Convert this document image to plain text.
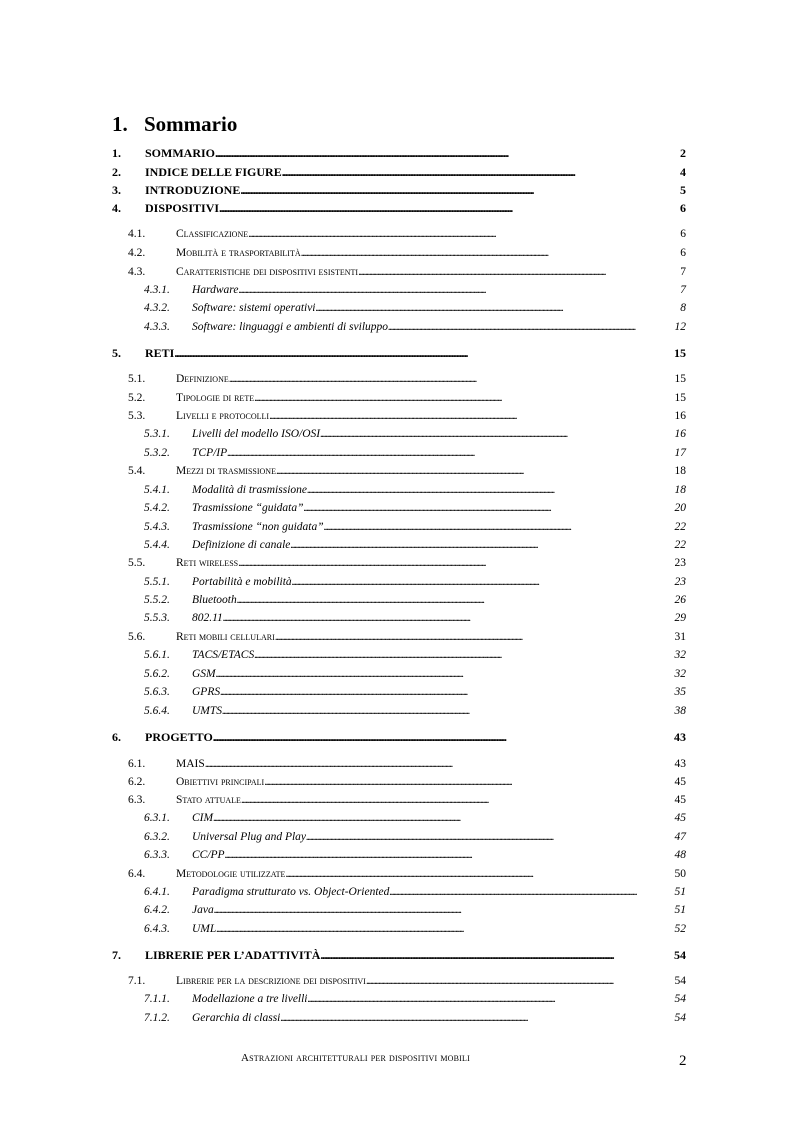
1. Sommario
1. SOMMARIO . . .	2
2. INDICE DELLE FIGURE . . .	4
3. INTRODUZIONE . . .	5
4. DISPOSITIVI . . .	6
4.1.	Classificazione . . .	6
4.2.	Mobilità e trasportabilità . . .	6
4.3.	Caratteristiche dei dispositivi esistenti . . .	7
4.3.1. Hardware . . .	7
4.3.2. Software: sistemi operativi . . .	8
4.3.3. Software: linguaggi e ambienti di sviluppo . . .	12
5. RETI . . .	15
5.1.	Definizione . . .	15
5.2.	Tipologie di rete . . .	15
5.3.	Livelli e protocolli . . .	16
5.3.1. Livelli del modello ISO/OSI . . .	16
5.3.2. TCP/IP . . .	17
5.4.	Mezzi di trasmissione . . .	18
5.4.1. Modalità di trasmissione . . .	18
5.4.2. Trasmissione “guidata” . . .	20
5.4.3. Trasmissione “non guidata” . . .	22
5.4.4. Definizione di canale . . .	22
5.5.	Reti wireless . . .	23
5.5.1. Portabilità e mobilità . . .	23
5.5.2. Bluetooth . . .	26
5.5.3. 802.11 . . .	29
5.6.	Reti mobili cellulari . . .	31
5.6.1. TACS/ETACS . . .	32
5.6.2. GSM . . .	32
5.6.3. GPRS . . .	35
5.6.4. UMTS . . .	38
6. PROGETTO . . .	43
6.1.	MAIS . . .	43
6.2.	Obiettivi principali . . .	45
6.3.	Stato attuale . . .	45
6.3.1. CIM . . .	45
6.3.2. Universal Plug and Play . . .	47
6.3.3. CC/PP . . .	48
6.4.	Metodologie utilizzate . . .	50
6.4.1. Paradigma strutturato vs. Object-Oriented . . .	51
6.4.2. Java . . .	51
6.4.3. UML . . .	52
7. LIBRERIE PER L’ADATTIVITÀ . . .	54
7.1.	Librerie per la descrizione dei dispositivi . . .	54
7.1.1. Modellazione a tre livelli . . .	54
7.1.2. Gerarchia di classi . . .	54
Astrazioni architetturali per dispositivi mobili	2
